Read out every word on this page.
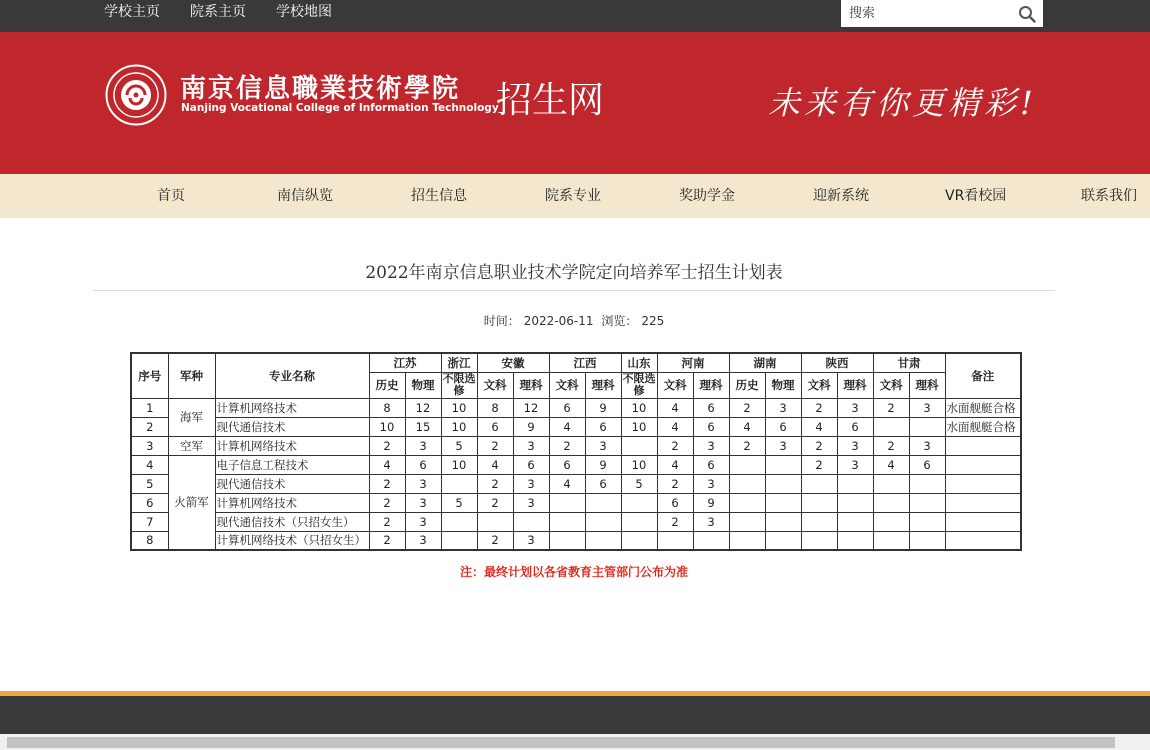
学校主页 院系主页 学校地图
搜索
南京信息職業技術學院
Nanjing Vocational College of Information Technology
招生网	未来有你更精彩!
首页	南信纵览	招生信息	院系专业	奖助学金	迎新系统	VR看校园	联系我们
2022年南京信息职业技术学院定向培养军士招生计划表
时间： 2022-06-11 浏览： 225
序号	军种	专业名称	江苏		浙江	安徽		江西		山东	河南		湖南		陕西		甘肃		备注
			历史	物理	不限选修	文科	理科	文科	理科	不限选修	文科	理科	历史	物理	文科	理科	文科	理科	
1	海军	计算机网络技术	8	12	10	8	12	6	9	10	4	6	2	3	2	3	2	3	水面舰艇合格
2		现代通信技术	10	15	10	6	9	4	6	10	4	6	4	6	4	6			水面舰艇合格
3	空军	计算机网络技术	2	3	5	2	3	2	3		2	3	2	3	2	3	2	3	
4	火箭军	电子信息工程技术	4	6	10	4	6	6	9	10	4	6			2	3	4	6	
5		现代通信技术	2	3		2	3	4	6	5	2	3							
6		计算机网络技术	2	3	5	2	3				6	9							
7		现代通信技术（只招女生）	2	3							2	3							
8		计算机网络技术（只招女生）	2	3		2	3												
注：最终计划以各省教育主管部门公布为准
